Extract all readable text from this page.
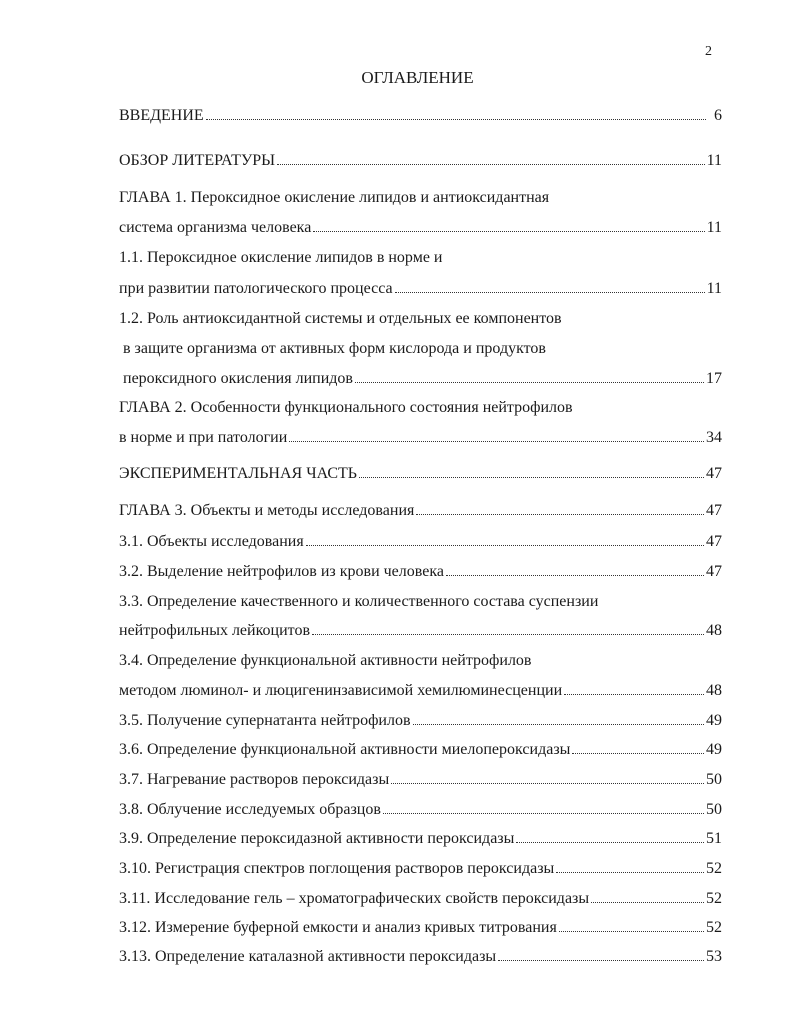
2
ОГЛАВЛЕНИЕ
ВВЕДЕНИЕ	6
ОБЗОР ЛИТЕРАТУРЫ	11
ГЛАВА 1. Пероксидное окисление липидов и антиоксидантная
система организма человека	11
1.1. Пероксидное окисление липидов в норме и
при развитии патологического процесса	11
1.2. Роль антиоксидантной системы и отдельных ее компонентов
в защите организма от активных форм кислорода и продуктов
пероксидного окисления липидов	17
ГЛАВА 2. Особенности функционального состояния нейтрофилов
в норме и при патологии	34
ЭКСПЕРИМЕНТАЛЬНАЯ ЧАСТЬ	47
ГЛАВА 3. Объекты и методы исследования	47
3.1. Объекты исследования	47
3.2. Выделение нейтрофилов из крови человека	47
3.3. Определение качественного и количественного состава суспензии
нейтрофильных лейкоцитов	48
3.4. Определение функциональной активности нейтрофилов
методом люминол- и люцигенинзависимой хемилюминесценции	48
3.5. Получение супернатанта нейтрофилов	49
3.6. Определение функциональной активности миелопероксидазы	49
3.7. Нагревание растворов пероксидазы	50
3.8. Облучение исследуемых образцов	50
3.9. Определение пероксидазной активности пероксидазы	51
3.10. Регистрация спектров поглощения растворов пероксидазы	52
3.11. Исследование гель – хроматографических свойств пероксидазы	52
3.12. Измерение буферной емкости и анализ кривых титрования	52
3.13. Определение каталазной активности пероксидазы	53
